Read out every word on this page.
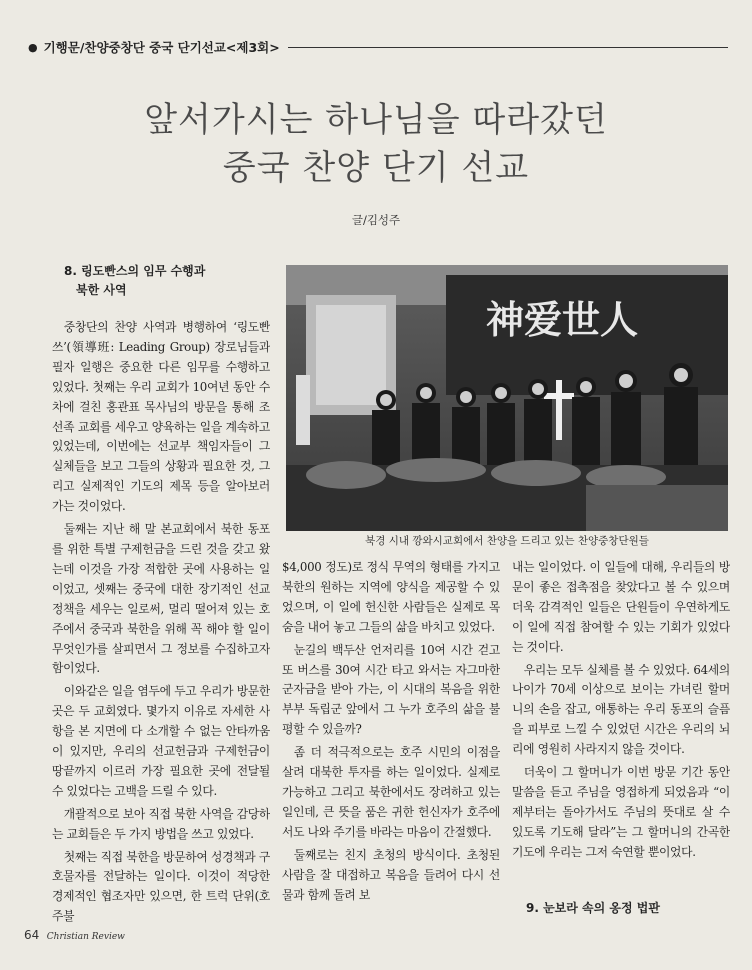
● 기행문/찬양중창단 중국 단기선교<제3회>
앞서가시는 하나님을 따라갔던
중국 찬양 단기 선교
글/김성주
8. 링도빤스의 임무 수행과
북한 사역

중창단의 찬양 사역과 병행하여 ‘링도빤쓰’(領導班: Leading Group) 장로님들과 필자 일행은 중요한 다른 임무를 수행하고 있었다. 첫째는 우리 교회가 10여년 동안 수차에 걸친 홍관표 목사님의 방문을 통해 조선족 교회를 세우고 양육하는 일을 계속하고 있었는데, 이번에는 선교부 책임자들이 그 실체들을 보고 그들의 상황과 필요한 것, 그리고 실제적인 기도의 제목 등을 알아보러 가는 것이었다.

둘째는 지난 해 말 본교회에서 북한 동포를 위한 특별 구제헌금을 드린 것을 갖고 왔는데 이것을 가장 적합한 곳에 사용하는 일이었고, 셋째는 중국에 대한 장기적인 선교정책을 세우는 일로써, 멀리 떨어져 있는 호주에서 중국과 북한을 위해 꼭 해야 할 일이 무엇인가를 살피면서 그 정보를 수집하고자 함이었다.

이와같은 일을 염두에 두고 우리가 방문한 곳은 두 교회였다. 몇가지 이유로 자세한 사항을 본 지면에 다 소개할 수 없는 안타까움이 있지만, 우리의 선교헌금과 구제헌금이 땅끝까지 이르러 가장 필요한 곳에 전달될 수 있었다는 고백을 드릴 수 있다.

개괄적으로 보아 직접 북한 사역을 감당하는 교회들은 두 가지 방법을 쓰고 있었다.

첫째는 직접 북한을 방문하여 성경책과 구호물자를 전달하는 일이다. 이것이 적당한 경제적인 협조자만 있으면, 한 트럭 단위(호주불

神爱世人
북경 시내 깡와시교회에서 찬양을 드리고 있는 찬양중창단원들

$4,000 정도)로 정식 무역의 형태를 가지고 북한의 원하는 지역에 양식을 제공할 수 있었으며, 이 일에 헌신한 사람들은 실제로 목숨을 내어 놓고 그들의 삶을 바치고 있었다.

눈길의 백두산 언저리를 10여 시간 걷고 또 버스를 30여 시간 타고 와서는 자그마한 군자금을 받아 가는, 이 시대의 복음을 위한 부부 독립군 앞에서 그 누가 호주의 삶을 불평할 수 있을까?

좀 더 적극적으로는 호주 시민의 이점을 살려 대북한 투자를 하는 일이었다. 실제로 가능하고 그리고 북한에서도 장려하고 있는 일인데, 큰 뜻을 품은 귀한 헌신자가 호주에서도 나와 주기를 바라는 마음이 간절했다.

둘째로는 친지 초청의 방식이다. 초청된 사람을 잘 대접하고 복음을 들려어 다시 선물과 함께 돌려 보

내는 일이었다. 이 일들에 대해, 우리들의 방문이 좋은 접촉점을 찾았다고 볼 수 있으며 더욱 감격적인 일들은 단원들이 우연하게도 이 일에 직접 참여할 수 있는 기회가 있었다는 것이다.

우리는 모두 실체를 볼 수 있었다. 64세의 나이가 70세 이상으로 보이는 가녀린 할머니의 손을 잡고, 애통하는 우리 동포의 슬픔을 피부로 느낄 수 있었던 시간은 우리의 뇌리에 영원히 사라지지 않을 것이다.

더욱이 그 할머니가 이번 방문 기간 동안 말씀을 듣고 주님을 영접하게 되었음과 “이제부터는 돌아가서도 주님의 뜻대로 살 수 있도록 기도해 달라”는 그 할머니의 간곡한 기도에 우리는 그저 숙연할 뿐이었다.

9. 눈보라 속의 옹정 법판
64 Christian Review
